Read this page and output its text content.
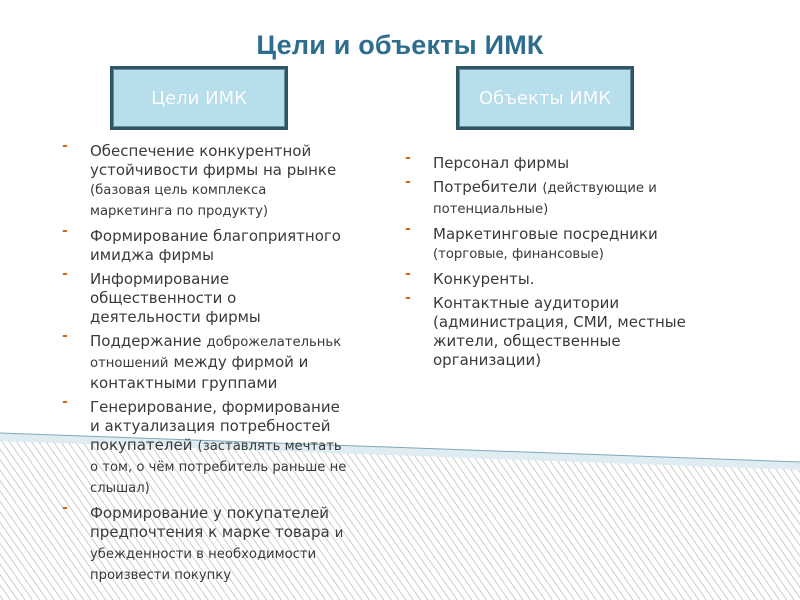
Цели и объекты ИМК
Цели ИМК	Объекты ИМК
- Обеспечение конкурентной устойчивости фирмы на рынке (базовая цель комплекса маркетинга по продукту)
- Формирование благоприятного имиджа фирмы
- Информирование общественности о деятельности фирмы
- Поддержание доброжелательньк отношений между фирмой и контактными группами
- Генерирование, формирование и актуализация потребностей покупателей (заставлять мечтать о том, о чём потребитель раньше не слышал)
- Формирование у покупателей предпочтения к марке товара и убежденности в необходимости произвести покупку
- Персонал фирмы
- Потребители (действующие и потенциальные)
- Маркетинговые посредники (торговые, финансовые)
- Конкуренты.
- Контактные аудитории (администрация, СМИ, местные жители, общественные организации)
